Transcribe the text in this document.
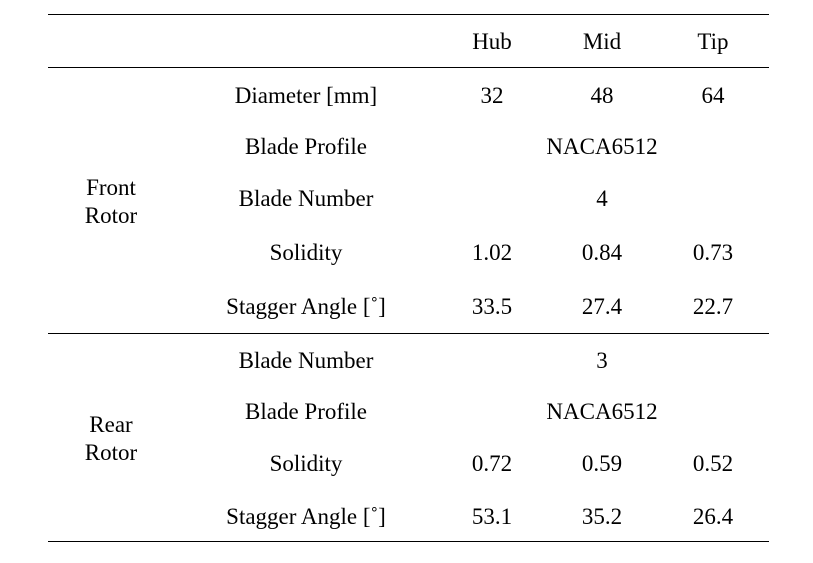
Hub	Mid	Tip
Front
Rotor
Diameter [mm]	32	48	64
Blade Profile	NACA6512
Blade Number	4
Solidity	1.02	0.84	0.73
Stagger Angle [˚]	33.5	27.4	22.7
Rear
Rotor
Blade Number	3
Blade Profile	NACA6512
Solidity	0.72	0.59	0.52
Stagger Angle [˚]	53.1	35.2	26.4
